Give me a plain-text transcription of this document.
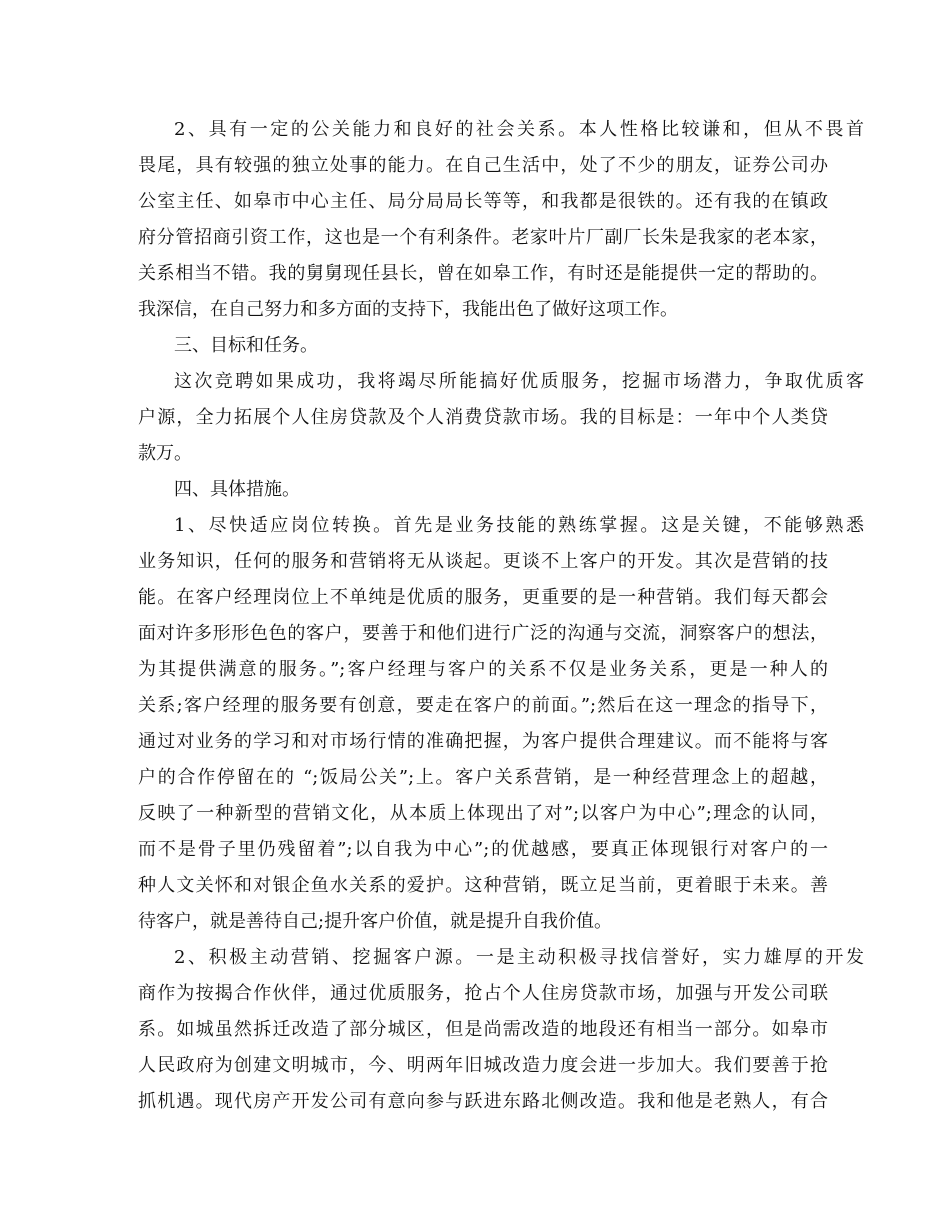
2、具有一定的公关能力和良好的社会关系。本人性格比较谦和，但从不畏首
畏尾，具有较强的独立处事的能力。在自己生活中，处了不少的朋友，证券公司办
公室主任、如皋市中心主任、局分局局长等等，和我都是很铁的。还有我的在镇政
府分管招商引资工作，这也是一个有利条件。老家叶片厂副厂长朱是我家的老本家，
关系相当不错。我的舅舅现任县长，曾在如皋工作，有时还是能提供一定的帮助的。
我深信，在自己努力和多方面的支持下，我能出色了做好这项工作。
三、目标和任务。
这次竞聘如果成功，我将竭尽所能搞好优质服务，挖掘市场潜力，争取优质客
户源，全力拓展个人住房贷款及个人消费贷款市场。我的目标是：一年中个人类贷
款万。
四、具体措施。
1、尽快适应岗位转换。首先是业务技能的熟练掌握。这是关键，不能够熟悉
业务知识，任何的服务和营销将无从谈起。更谈不上客户的开发。其次是营销的技
能。在客户经理岗位上不单纯是优质的服务，更重要的是一种营销。我们每天都会
面对许多形形色色的客户，要善于和他们进行广泛的沟通与交流，洞察客户的想法，
为其提供满意的服务。”;客户经理与客户的关系不仅是业务关系，更是一种人的
关系;客户经理的服务要有创意，要走在客户的前面。”;然后在这一理念的指导下，
通过对业务的学习和对市场行情的准确把握，为客户提供合理建议。而不能将与客
户的合作停留在的 “;饭局公关”;上。客户关系营销，是一种经营理念上的超越，
反映了一种新型的营销文化，从本质上体现出了对”;以客户为中心”;理念的认同，
而不是骨子里仍残留着”;以自我为中心”;的优越感，要真正体现银行对客户的一
种人文关怀和对银企鱼水关系的爱护。这种营销，既立足当前，更着眼于未来。善
待客户，就是善待自己;提升客户价值，就是提升自我价值。
2、积极主动营销、挖掘客户源。一是主动积极寻找信誉好，实力雄厚的开发
商作为按揭合作伙伴，通过优质服务，抢占个人住房贷款市场，加强与开发公司联
系。如城虽然拆迁改造了部分城区，但是尚需改造的地段还有相当一部分。如皋市
人民政府为创建文明城市，今、明两年旧城改造力度会进一步加大。我们要善于抢
抓机遇。现代房产开发公司有意向参与跃进东路北侧改造。我和他是老熟人，有合
